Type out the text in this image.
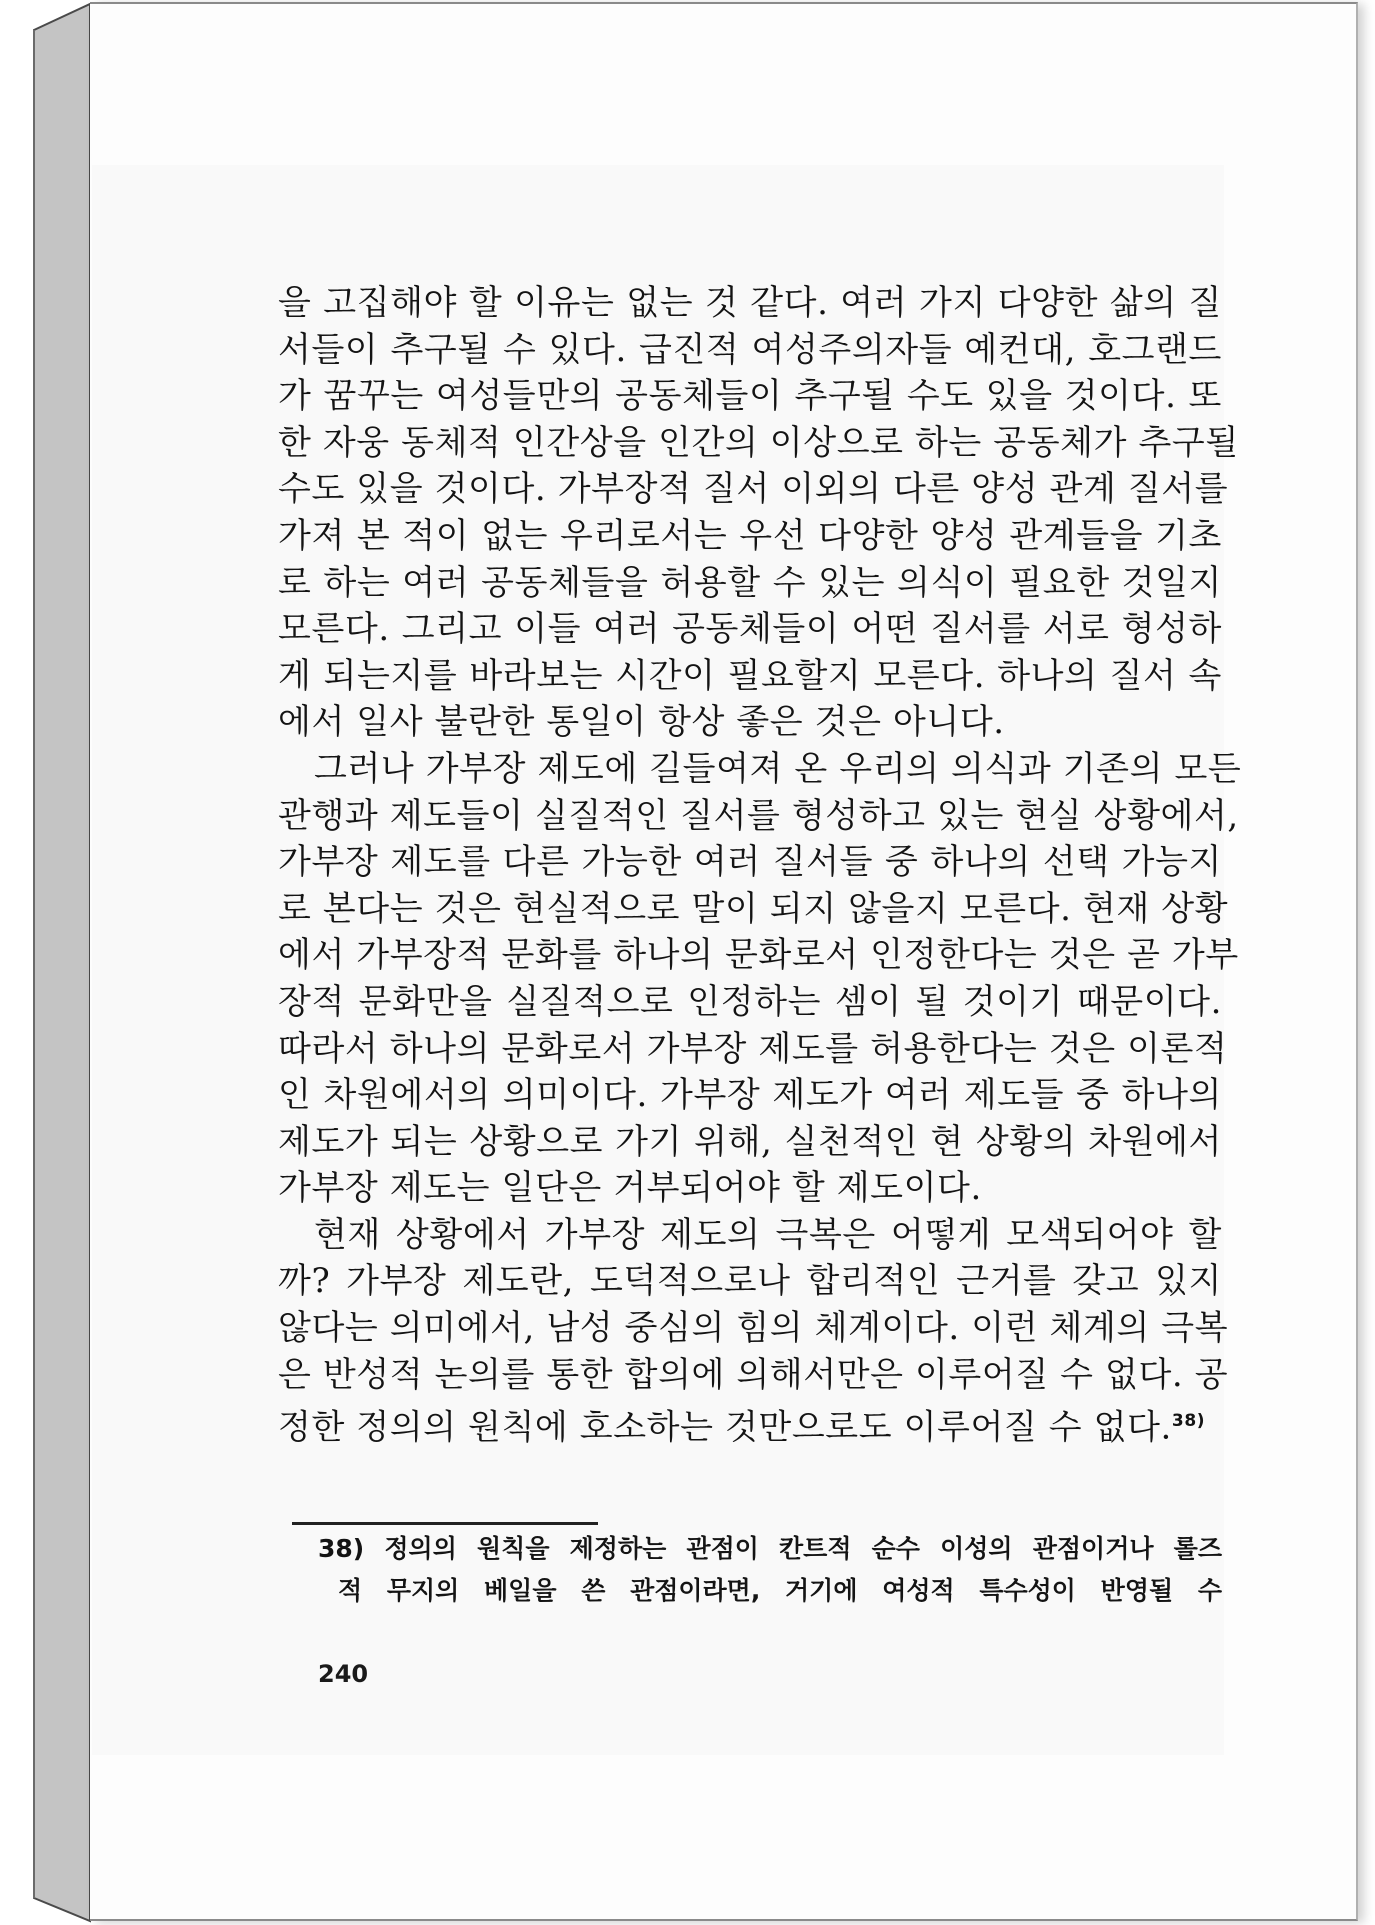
을 고집해야 할 이유는 없는 것 같다. 여러 가지 다양한 삶의 질
서들이 추구될 수 있다. 급진적 여성주의자들 예컨대, 호그랜드
가 꿈꾸는 여성들만의 공동체들이 추구될 수도 있을 것이다. 또
한 자웅 동체적 인간상을 인간의 이상으로 하는 공동체가 추구될
수도 있을 것이다. 가부장적 질서 이외의 다른 양성 관계 질서를
가져 본 적이 없는 우리로서는 우선 다양한 양성 관계들을 기초
로 하는 여러 공동체들을 허용할 수 있는 의식이 필요한 것일지
모른다. 그리고 이들 여러 공동체들이 어떤 질서를 서로 형성하
게 되는지를 바라보는 시간이 필요할지 모른다. 하나의 질서 속
에서 일사 불란한 통일이 항상 좋은 것은 아니다.
그러나 가부장 제도에 길들여져 온 우리의 의식과 기존의 모든
관행과 제도들이 실질적인 질서를 형성하고 있는 현실 상황에서,
가부장 제도를 다른 가능한 여러 질서들 중 하나의 선택 가능지
로 본다는 것은 현실적으로 말이 되지 않을지 모른다. 현재 상황
에서 가부장적 문화를 하나의 문화로서 인정한다는 것은 곧 가부
장적 문화만을 실질적으로 인정하는 셈이 될 것이기 때문이다.
따라서 하나의 문화로서 가부장 제도를 허용한다는 것은 이론적
인 차원에서의 의미이다. 가부장 제도가 여러 제도들 중 하나의
제도가 되는 상황으로 가기 위해, 실천적인 현 상황의 차원에서
가부장 제도는 일단은 거부되어야 할 제도이다.
현재 상황에서 가부장 제도의 극복은 어떻게 모색되어야 할
까? 가부장 제도란, 도덕적으로나 합리적인 근거를 갖고 있지
않다는 의미에서, 남성 중심의 힘의 체계이다. 이런 체계의 극복
은 반성적 논의를 통한 합의에 의해서만은 이루어질 수 없다. 공
정한 정의의 원칙에 호소하는 것만으로도 이루어질 수 없다.$^{38)}$
38) 정의의 원칙을 제정하는 관점이 칸트적 순수 이성의 관점이거나 롤즈
적 무지의 베일을 쓴 관점이라면, 거기에 여성적 특수성이 반영될 수
240
